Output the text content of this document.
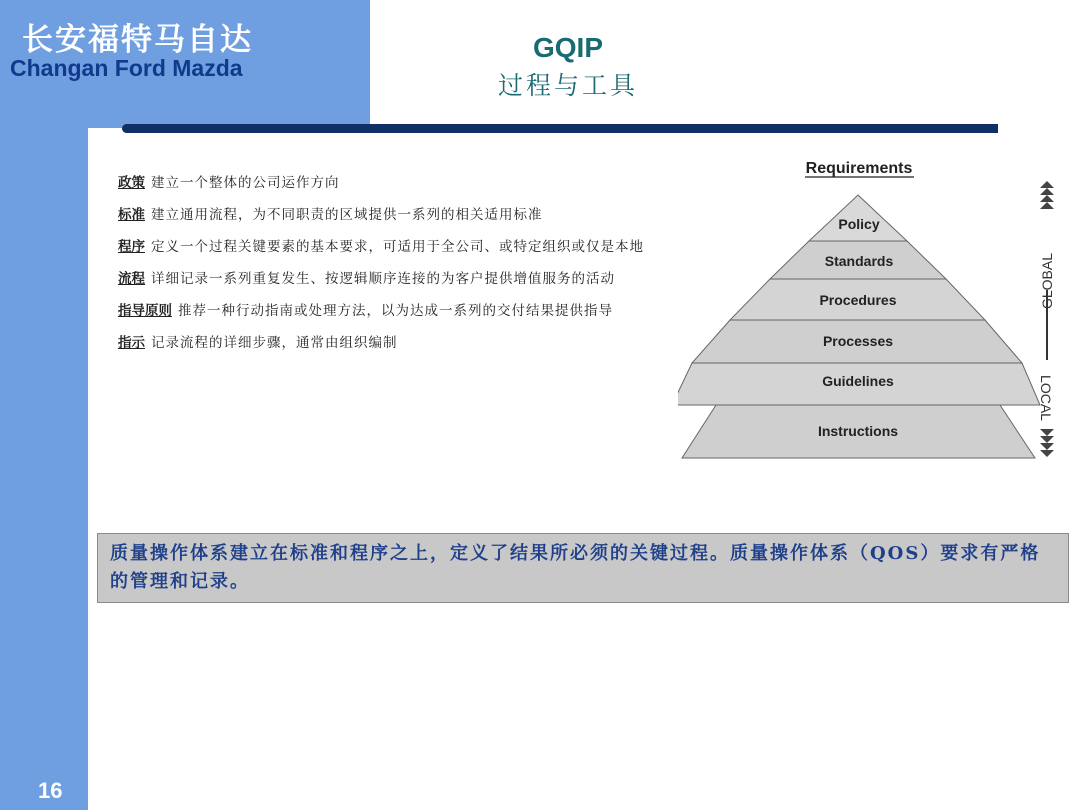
长安福特马自达
Changan Ford Mazda
GQIP
过程与工具
政策 建立一个整体的公司运作方向
标准 建立通用流程，为不同职责的区域提供一系列的相关适用标准
程序 定义一个过程关键要素的基本要求，可适用于全公司、或特定组织或仅是本地
流程 详细记录一系列重复发生、按逻辑顺序连接的为客户提供增值服务的活动
指导原则 推荐一种行动指南或处理方法，以为达成一系列的交付结果提供指导
指示 记录流程的详细步骤，通常由组织编制
Requirements
Policy
Standards
Procedures
Processes
Guidelines
Instructions
GLOBAL
LOCAL
质量操作体系建立在标准和程序之上，定义了结果所必须的关键过程。质量操作体系（QOS）要求有严格的管理和记录。
16
